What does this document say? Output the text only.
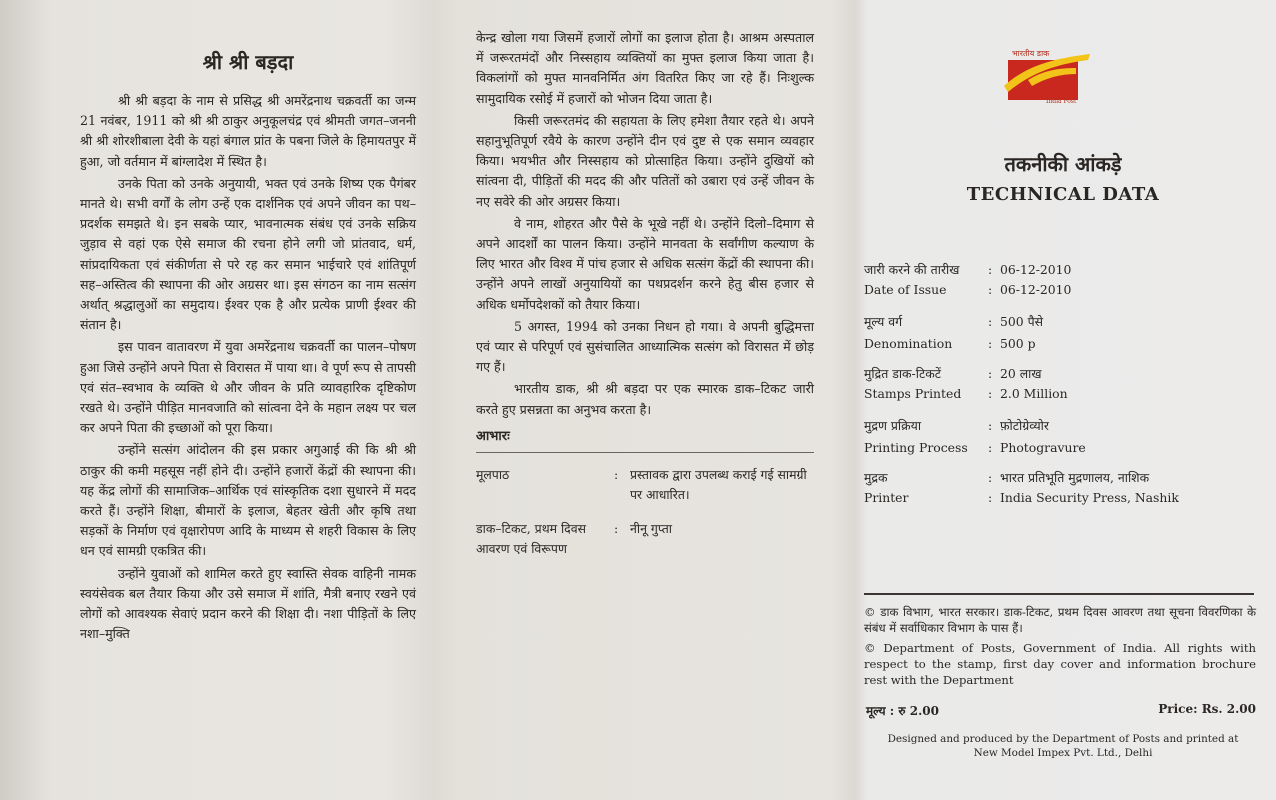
श्री श्री बड़दा

श्री श्री बड़दा के नाम से प्रसिद्ध श्री अमरेंद्रनाथ चक्रवर्ती का जन्म 21 नवंबर, 1911 को श्री श्री ठाकुर अनुकूलचंद्र एवं श्रीमती जगत–जननी श्री श्री शोरशीबाला देवी के यहां बंगाल प्रांत के पबना जिले के हिमायतपुर में हुआ, जो वर्तमान में बांग्लादेश में स्थित है।

उनके पिता को उनके अनुयायी, भक्त एवं उनके शिष्य एक पैगंबर मानते थे। सभी वर्गों के लोग उन्हें एक दार्शनिक एवं अपने जीवन का पथ–प्रदर्शक समझते थे। इन सबके प्यार, भावनात्मक संबंध एवं उनके सक्रिय जुड़ाव से वहां एक ऐसे समाज की रचना होने लगी जो प्रांतवाद, धर्म, सांप्रदायिकता एवं संकीर्णता से परे रह कर समान भाईचारे एवं शांतिपूर्ण सह–अस्तित्व की स्थापना की ओर अग्रसर था। इस संगठन का नाम सत्संग अर्थात् श्रद्धालुओं का समुदाय। ईश्वर एक है और प्रत्येक प्राणी ईश्वर की संतान है।

इस पावन वातावरण में युवा अमरेंद्रनाथ चक्रवर्ती का पालन–पोषण हुआ जिसे उन्होंने अपने पिता से विरासत में पाया था। वे पूर्ण रूप से तापसी एवं संत–स्वभाव के व्यक्ति थे और जीवन के प्रति व्यावहारिक दृष्टिकोण रखते थे। उन्होंने पीड़ित मानवजाति को सांत्वना देने के महान लक्ष्य पर चल कर अपने पिता की इच्छाओं को पूरा किया।

उन्होंने सत्संग आंदोलन की इस प्रकार अगुआई की कि श्री श्री ठाकुर की कमी महसूस नहीं होने दी। उन्होंने हजारों केंद्रों की स्थापना की। यह केंद्र लोगों की सामाजिक–आर्थिक एवं सांस्कृतिक दशा सुधारने में मदद करते हैं। उन्होंने शिक्षा, बीमारों के इलाज, बेहतर खेती और कृषि तथा सड़कों के निर्माण एवं वृक्षारोपण आदि के माध्यम से शहरी विकास के लिए धन एवं सामग्री एकत्रित की।

उन्होंने युवाओं को शामिल करते हुए स्वास्ति सेवक वाहिनी नामक स्वयंसेवक बल तैयार किया और उसे समाज में शांति, मैत्री बनाए रखने एवं लोगों को आवश्यक सेवाएं प्रदान करने की शिक्षा दी। नशा पीड़ितों के लिए नशा–मुक्ति

केन्द्र खोला गया जिसमें हजारों लोगों का इलाज होता है। आश्रम अस्पताल में जरूरतमंदों और निस्सहाय व्यक्तियों का मुफ्त इलाज किया जाता है। विकलांगों को मुफ्त मानवनिर्मित अंग वितरित किए जा रहे हैं। निःशुल्क सामुदायिक रसोई में हजारों को भोजन दिया जाता है।

किसी जरूरतमंद की सहायता के लिए हमेशा तैयार रहते थे। अपने सहानुभूतिपूर्ण रवैये के कारण उन्होंने दीन एवं दुष्ट से एक समान व्यवहार किया। भयभीत और निस्सहाय को प्रोत्साहित किया। उन्होंने दुखियों को सांत्वना दी, पीड़ितों की मदद की और पतितों को उबारा एवं उन्हें जीवन के नए सवेरे की ओर अग्रसर किया।

वे नाम, शोहरत और पैसे के भूखे नहीं थे। उन्होंने दिलो–दिमाग से अपने आदर्शों का पालन किया। उन्होंने मानवता के सर्वांगीण कल्याण के लिए भारत और विश्व में पांच हजार से अधिक सत्संग केंद्रों की स्थापना की। उन्होंने अपने लाखों अनुयायियों का पथप्रदर्शन करने हेतु बीस हजार से अधिक धर्मोपदेशकों को तैयार किया।

5 अगस्त, 1994 को उनका निधन हो गया। वे अपनी बुद्धिमत्ता एवं प्यार से परिपूर्ण एवं सुसंचालित आध्यात्मिक सत्संग को विरासत में छोड़ गए हैं।

भारतीय डाक, श्री श्री बड़दा पर एक स्मारक डाक–टिकट जारी करते हुए प्रसन्नता का अनुभव करता है।

आभारः
मूलपाठ	: प्रस्तावक द्वारा उपलब्ध कराई गई सामग्री पर आधारित।
डाक–टिकट, प्रथम दिवस आवरण एवं विरूपण
: नीनू गुप्ता
भारतीय डाक
India Post
तकनीकी आंकड़े
TECHNICAL DATA
जारी करने की तारीख : 06-12-2010
Date of Issue	: 06-12-2010
मूल्य वर्ग	: 500 पैसे
Denomination	: 500 p
मुद्रित डाक-टिकटें	: 20 लाख
Stamps Printed : 2.0 Million
मुद्रण प्रक्रिया	: फ़ोटोग्रेव्योर
Printing Process : Photogravure
मुद्रक	: भारत प्रतिभूति मुद्रणालय, नाशिक
Printer	: India Security Press, Nashik
© डाक विभाग, भारत सरकार। डाक-टिकट, प्रथम दिवस आवरण तथा सूचना विवरणिका के संबंध में सर्वाधिकार विभाग के पास हैं।
© Department of Posts, Government of India. All rights with respect to the stamp, first day cover and information brochure rest with the Department
मूल्य : रु 2.00	Price: Rs. 2.00
Designed and produced by the Department of Posts and printed at
New Model Impex Pvt. Ltd., Delhi
